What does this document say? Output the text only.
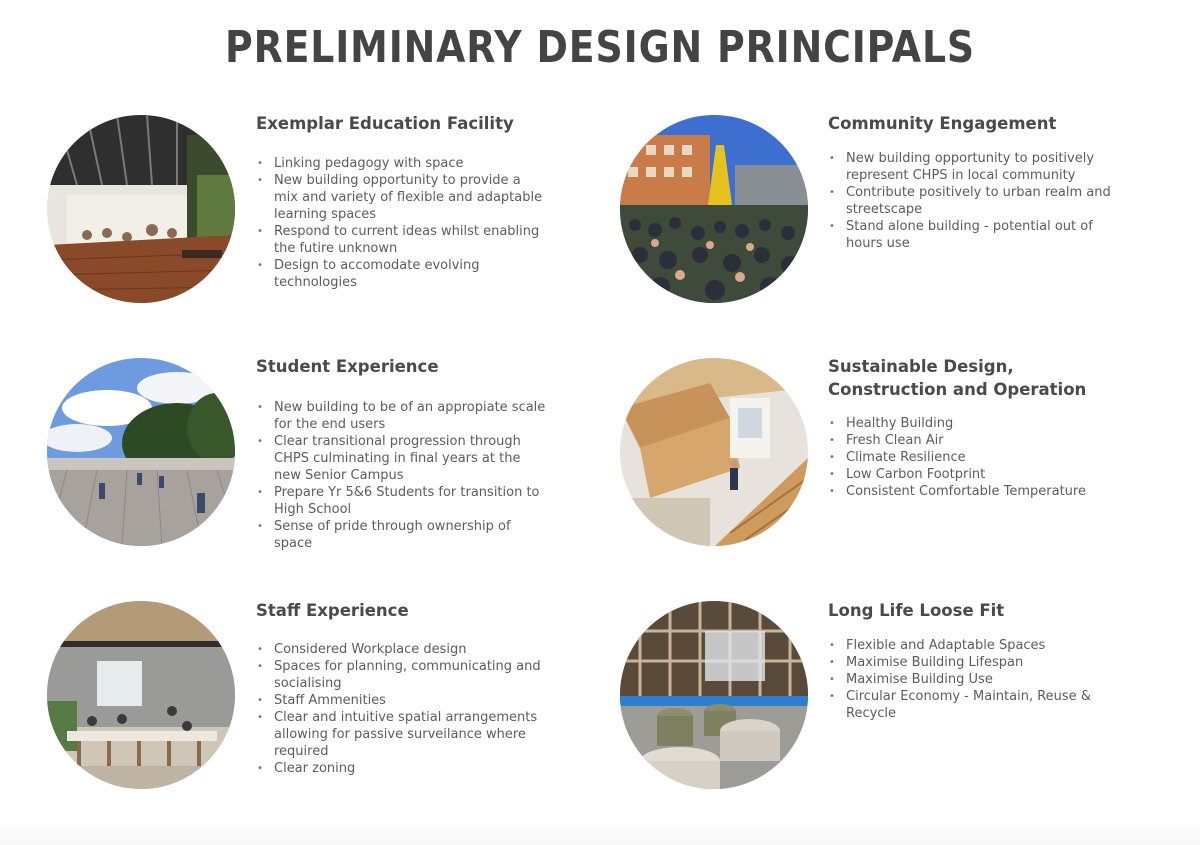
PRELIMINARY DESIGN PRINCIPALS
Exemplar Education Facility
• Linking pedagogy with space
• New building opportunity to provide a mix and variety of flexible and adaptable learning spaces
• Respond to current ideas whilst enabling the futire unknown
• Design to accomodate evolving technologies
Community Engagement
• New building opportunity to positively represent CHPS in local community
• Contribute positively to urban realm and streetscape
• Stand alone building - potential out of hours use
Student Experience
• New building to be of an appropiate scale for the end users
• Clear transitional progression through CHPS culminating in final years at the new Senior Campus
• Prepare Yr 5&6 Students for transition to High School
• Sense of pride through ownership of space
Sustainable Design, Construction and Operation
• Healthy Building
• Fresh Clean Air
• Climate Resilience
• Low Carbon Footprint
• Consistent Comfortable Temperature
Staff Experience
• Considered Workplace design
• Spaces for planning, communicating and socialising
• Staff Ammenities
• Clear and intuitive spatial arrangements allowing for passive surveilance where required
• Clear zoning
Long Life Loose Fit
• Flexible and Adaptable Spaces
• Maximise Building Lifespan
• Maximise Building Use
• Circular Economy - Maintain, Reuse & Recycle
